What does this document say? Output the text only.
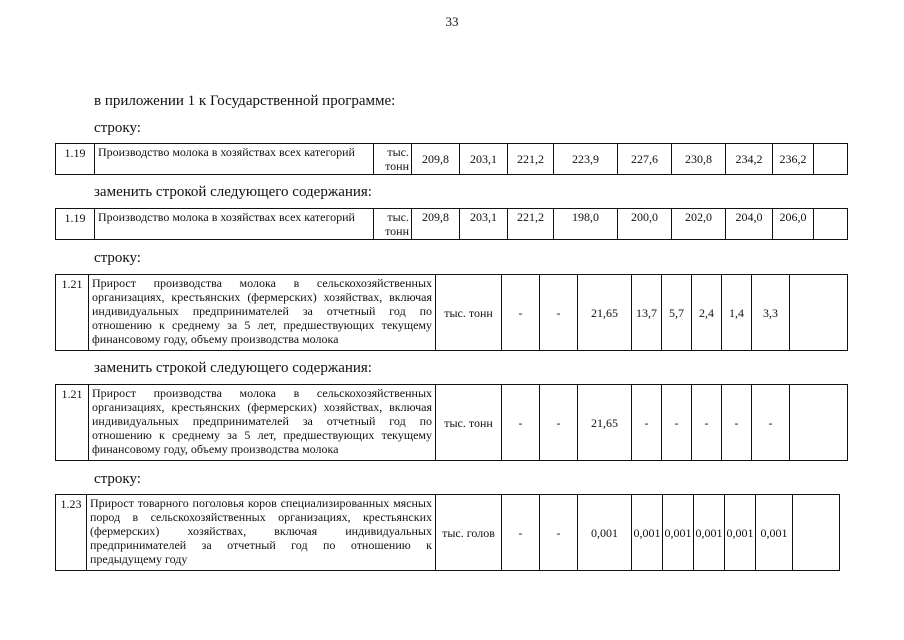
33
в приложении 1 к Государственной программе:
строку:
1.19	Производство молока в хозяйствах всех категорий	тыс. тонн	209,8	203,1	221,2	223,9	227,6	230,8	234,2	236,2	
заменить строкой следующего содержания:
1.19	Производство молока в хозяйствах всех категорий	тыс. тонн	209,8	203,1	221,2	198,0	200,0	202,0	204,0	206,0	
строку:
1.21	Прирост производства молока в сельскохозяйственных организациях, крестьянских (фермерских) хозяйствах, включая индивидуальных предпринимателей за отчетный год по отношению к среднему за 5 лет, предшествующих текущему финансовому году, объему производства молока	тыс. тонн	-	-	21,65	13,7	5,7	2,4	1,4	3,3	
заменить строкой следующего содержания:
1.21	Прирост производства молока в сельскохозяйственных организациях, крестьянских (фермерских) хозяйствах, включая индивидуальных предпринимателей за отчетный год по отношению к среднему за 5 лет, предшествующих текущему финансовому году, объему производства молока	тыс. тонн	-	-	21,65	-	-	-	-	-	
строку:
1.23	Прирост товарного поголовья коров специализированных мясных пород в сельскохозяйственных организациях, крестьянских (фермерских) хозяйствах, включая индивидуальных предпринимателей за отчетный год по отношению к предыдущему году	тыс. голов	-	-	0,001	0,001	0,001	0,001	0,001	0,001	
